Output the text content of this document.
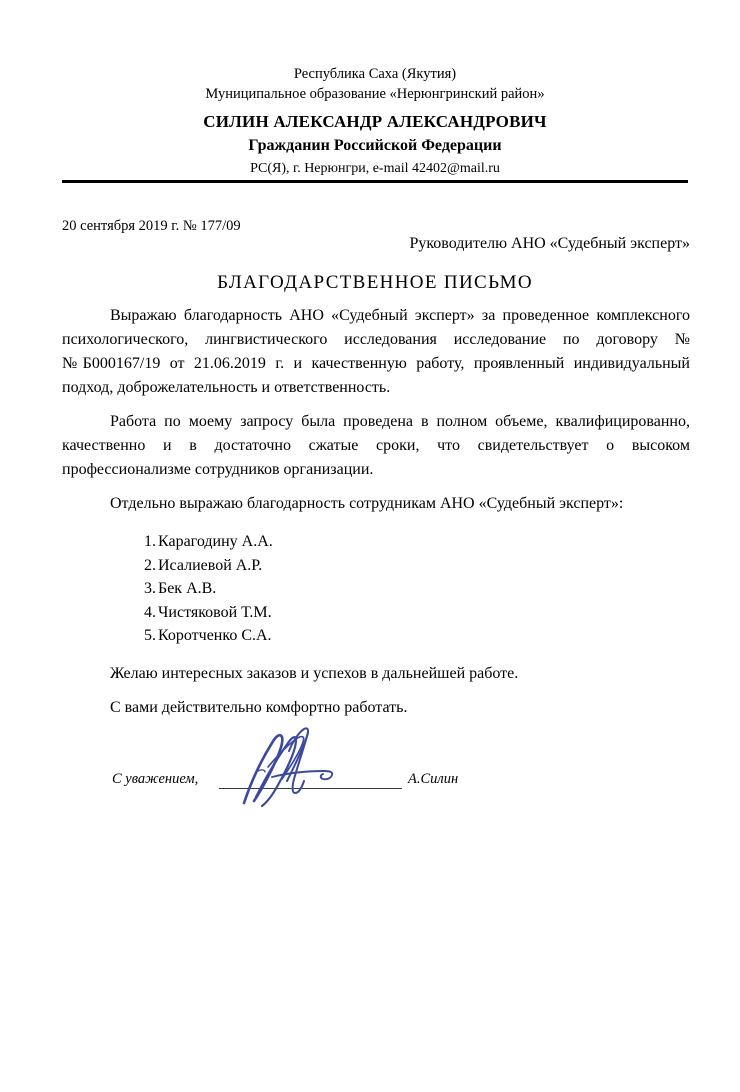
Республика Саха (Якутия)
Муниципальное образование «Нерюнгринский район»
СИЛИН АЛЕКСАНДР АЛЕКСАНДРОВИЧ
Гражданин Российской Федерации
РС(Я), г. Нерюнгри, e-mail 42402@mail.ru
20 сентября 2019 г. № 177/09
Руководителю АНО «Судебный эксперт»
БЛАГОДАРСТВЕННОЕ ПИСЬМО

Выражаю благодарность АНО «Судебный эксперт» за проведенное комплексного психологического, лингвистического исследования исследование по договору № №Б000167/19 от 21.06.2019 г. и качественную работу, проявленный индивидуальный подход, доброжелательность и ответственность.

Работа по моему запросу была проведена в полном объеме, квалифицированно, качественно и в достаточно сжатые сроки, что свидетельствует о высоком профессионализме сотрудников организации.

Отдельно выражаю благодарность сотрудникам АНО «Судебный эксперт»:

Карагодину А.А.
Исалиевой А.Р.
Бек А.В.
Чистяковой Т.М.
Коротченко С.А.

Желаю интересных заказов и успехов в дальнейшей работе.

С вами действительно комфортно работать.

С уважением,	А.Силин
